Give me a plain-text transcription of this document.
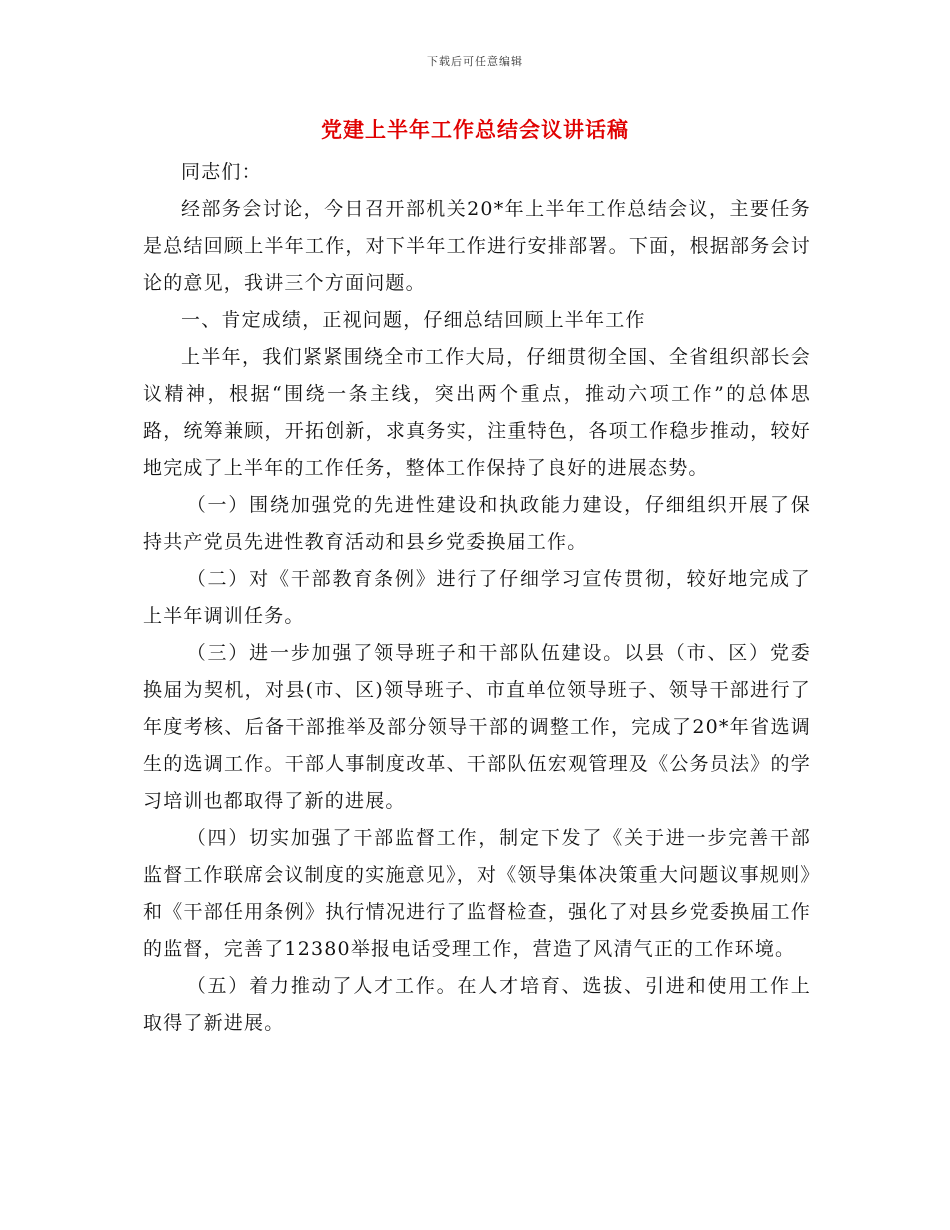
下载后可任意编辑
党建上半年工作总结会议讲话稿

同志们：

经部务会讨论，今日召开部机关20*年上半年工作总结会议，主要任务是总结回顾上半年工作，对下半年工作进行安排部署。下面，根据部务会讨论的意见，我讲三个方面问题。

一、肯定成绩，正视问题，仔细总结回顾上半年工作

上半年，我们紧紧围绕全市工作大局，仔细贯彻全国、全省组织部长会议精神，根据“围绕一条主线，突出两个重点，推动六项工作”的总体思路，统筹兼顾，开拓创新，求真务实，注重特色，各项工作稳步推动，较好地完成了上半年的工作任务，整体工作保持了良好的进展态势。

（一）围绕加强党的先进性建设和执政能力建设，仔细组织开展了保持共产党员先进性教育活动和县乡党委换届工作。

（二）对《干部教育条例》进行了仔细学习宣传贯彻，较好地完成了上半年调训任务。

（三）进一步加强了领导班子和干部队伍建设。以县（市、区）党委换届为契机，对县(市、区)领导班子、市直单位领导班子、领导干部进行了年度考核、后备干部推举及部分领导干部的调整工作，完成了20*年省选调生的选调工作。干部人事制度改革、干部队伍宏观管理及《公务员法》的学习培训也都取得了新的进展。

（四）切实加强了干部监督工作，制定下发了《关于进一步完善干部监督工作联席会议制度的实施意见》，对《领导集体决策重大问题议事规则》和《干部任用条例》执行情况进行了监督检查，强化了对县乡党委换届工作的监督，完善了12380举报电话受理工作，营造了风清气正的工作环境。

（五）着力推动了人才工作。在人才培育、选拔、引进和使用工作上取得了新进展。
